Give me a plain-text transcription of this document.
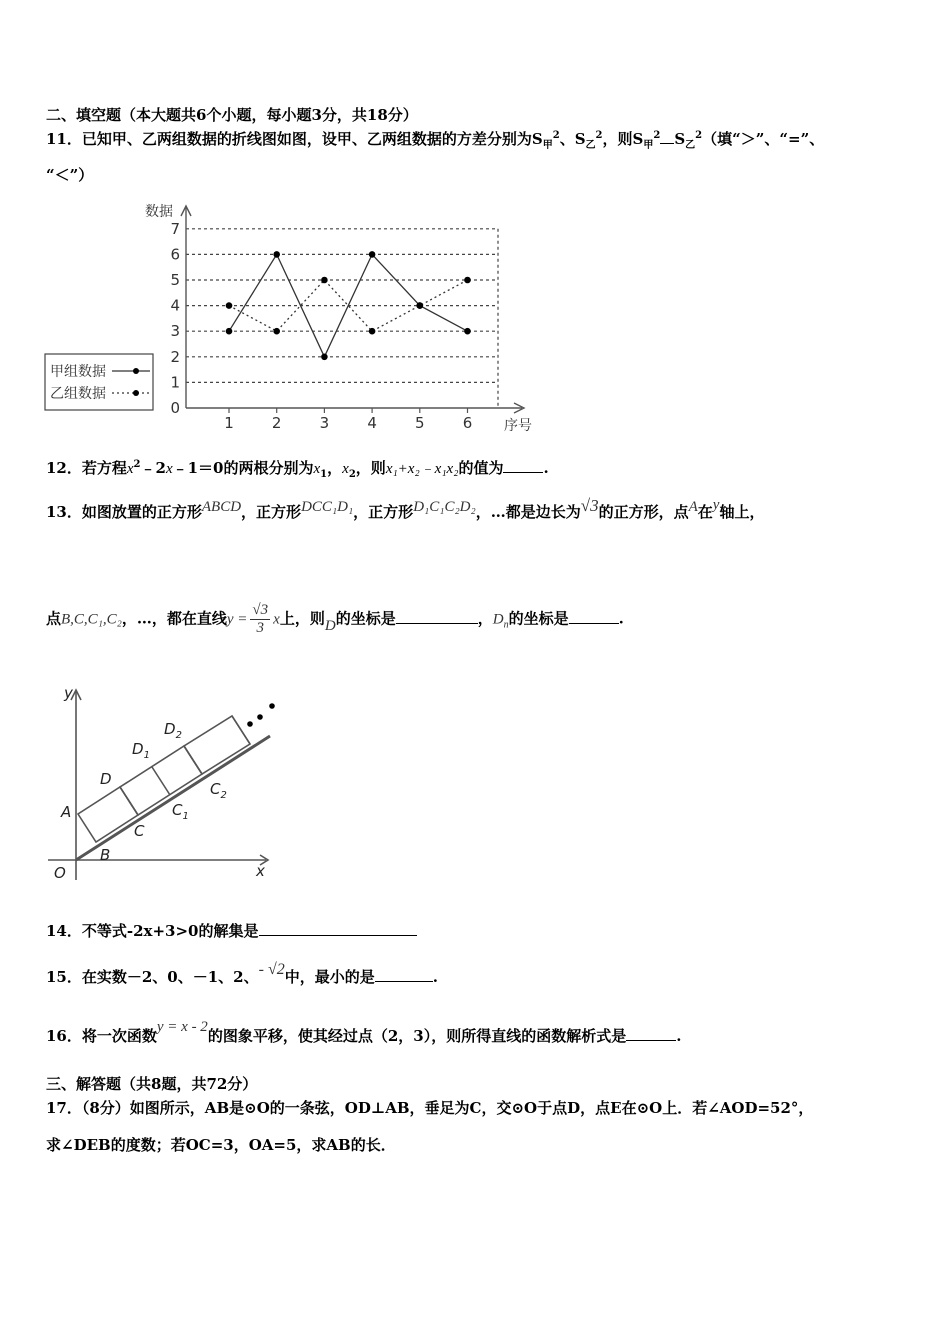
二、填空题（本大题共6个小题，每小题3分，共18分）
11．已知甲、乙两组数据的折线图如图，设甲、乙两组数据的方差分别为$S_甲^2$、$S_乙^2$，则$S_甲^2$ $S_乙^2$（填“＞”、“=”、
“＜”）
0
1
2
3
4
5
6
7
1	2	3	4	5	6
数据
序号
甲组数据
乙组数据
12．若方程$x^2﹣2x﹣1=0$的两根分别为$x_1$，$x_2$，则x₁+x₂﹣x₁x₂的值为	.
13．如图放置的正方形ABCD，正方形DCC₁D₁，正方形D₁C₁C₂D₂，…都是边长为√3的正方形，点A在y轴上，
点B,C,C₁,C₂，…，都在直线$y = \frac{√3}{3}$ x上，则D的坐标是	，$D_n$的坐标是	.
y
x
O
A
B
C
D
$C_1$
$D_1$
$C_2$
$D_2$
14．不等式-2x+3>0的解集是
15．在实数－2、0、－1、2、- √2中，最小的是	.
16．将一次函数y = x - 2的图象平移，使其经过点（2，3），则所得直线的函数解析式是	.
三、解答题（共8题，共72分）
17．（8分）如图所示，AB是⊙O的一条弦，OD⊥AB，垂足为C，交⊙O于点D，点E在⊙O上．若∠AOD=52°，
求∠DEB的度数；若OC=3，OA=5，求AB的长．
